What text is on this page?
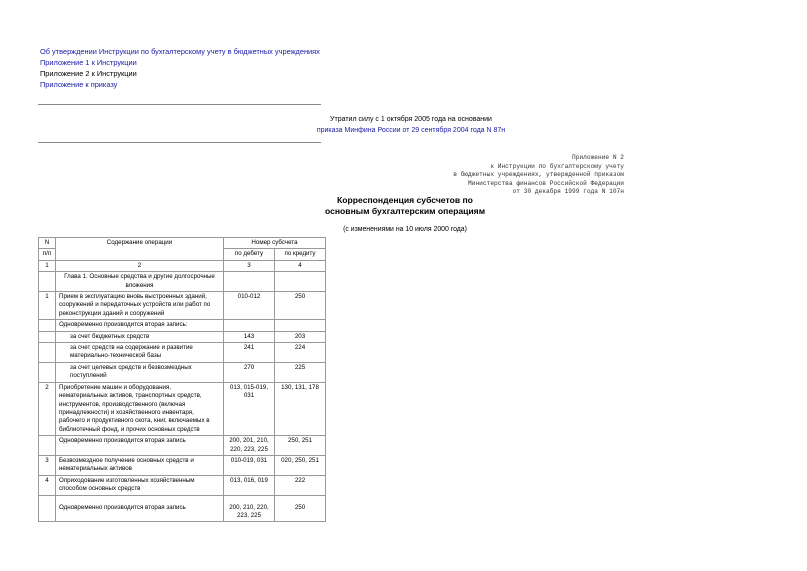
Об утверждении Инструкции по бухгалтерскому учету в бюджетных учреждениях
Приложение 1 к Инструкции
Приложение 2 к Инструкции
Приложение к приказу
Утратил силу с 1 октября 2005 года на основании
приказа Минфина России от 29 сентября 2004 года N 87н
Приложение N 2
к Инструкции по бухгалтерскому учету
в бюджетных учреждениях, утвержденной приказом
Министерства финансов Российской Федерации
от 30 декабря 1999 года N 107н
Корреспонденция субсчетов по
основным бухгалтерским операциям
(с изменениями на 10 июля 2000 года)
N	Содержание операции	Номер субсчета	
п/п		по дебету	по кредиту
1	2	3	4
	Глава 1. Основные средства и другие долгосрочные вложения		
1	Прием в эксплуатацию вновь выстроенных зданий, сооружений и передаточных устройств или работ по реконструкции зданий и сооружений	010-012	250
	Одновременно производится вторая запись:		
	за счет бюджетных средств	143	203
	за счет средств на содержание и развитие материально-технической базы	241	224
	за счет целевых средств и безвозмездных поступлений	270	225
2	Приобретение машин и оборудования, нематериальных активов, транспортных средств, инструментов, производственного (включая принадлежности) и хозяйственного инвентаря, рабочего и продуктивного скота, книг, включаемых в библиотечный фонд, и прочих основных средств	013, 015-019, 031	130, 131, 178
	Одновременно производится вторая запись	200, 201, 210, 220, 223, 225	250, 251
3	Безвозмездное получение основных средств и нематериальных активов	010-019, 031	020, 250, 251
4	Оприходование изготовленных хозяйственным способом основных средств	013, 016, 019	222
	Одновременно производится вторая запись	200, 210, 220, 223, 225	250
